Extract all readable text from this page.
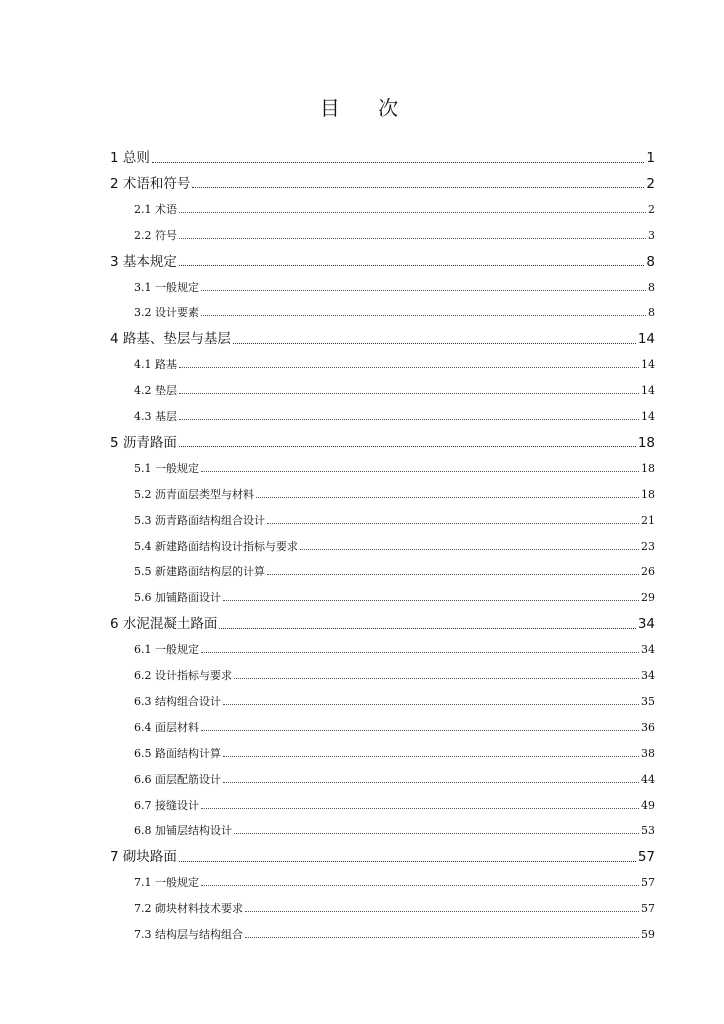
目 次
1 总则	1
2 术语和符号	2
2.1 术语	2
2.2 符号	3
3 基本规定	8
3.1 一般规定	8
3.2 设计要素	8
4 路基、垫层与基层	14
4.1 路基	14
4.2 垫层	14
4.3 基层	14
5 沥青路面	18
5.1 一般规定	18
5.2 沥青面层类型与材料	18
5.3 沥青路面结构组合设计	21
5.4 新建路面结构设计指标与要求	23
5.5 新建路面结构层的计算	26
5.6 加铺路面设计	29
6 水泥混凝土路面	34
6.1 一般规定	34
6.2 设计指标与要求	34
6.3 结构组合设计	35
6.4 面层材料	36
6.5 路面结构计算	38
6.6 面层配筋设计	44
6.7 接缝设计	49
6.8 加铺层结构设计	53
7 砌块路面	57
7.1 一般规定	57
7.2 砌块材料技术要求	57
7.3 结构层与结构组合	59
